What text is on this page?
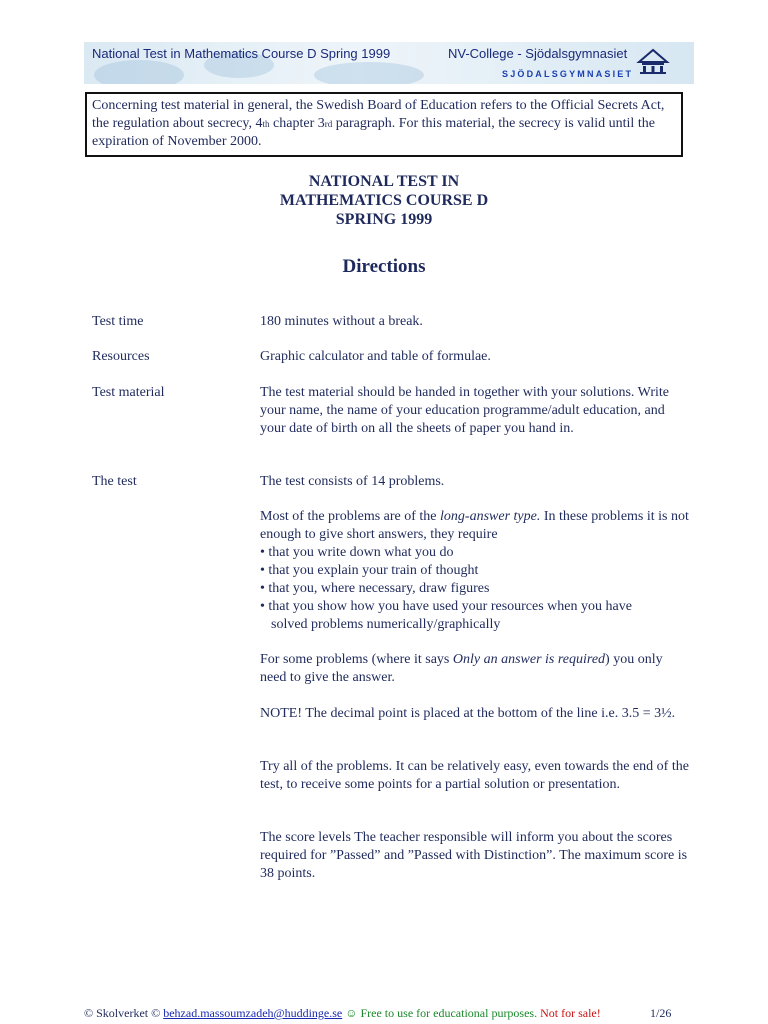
National Test in Mathematics Course D Spring 1999	NV-College - Sjödalsgymnasiet
SJÖDALSGYMNASIET
Concerning test material in general, the Swedish Board of Education refers to the Official Secrets Act, the regulation about secrecy, 4th chapter 3rd paragraph. For this material, the secrecy is valid until the expiration of November 2000.
NATIONAL TEST IN
MATHEMATICS COURSE D
SPRING 1999
Directions
Test time	180 minutes without a break.
Resources	Graphic calculator and table of formulae.
Test material	The test material should be handed in together with your solutions. Write your name, the name of your education programme/adult education, and your date of birth on all the sheets of paper you hand in.
The test	The test consists of 14 problems.
Most of the problems are of the long-answer type. In these problems it is not enough to give short answers, they require
• that you write down what you do
• that you explain your train of thought
• that you, where necessary, draw figures
• that you show how you have used your resources when you have
solved problems numerically/graphically
For some problems (where it says Only an answer is required) you only need to give the answer.
NOTE! The decimal point is placed at the bottom of the line i.e. 3.5 = 3½.
Try all of the problems. It can be relatively easy, even towards the end of the test, to receive some points for a partial solution or presentation.
The score levels The teacher responsible will inform you about the scores required for ”Passed” and ”Passed with Distinction”. The maximum score is 38 points.
© Skolverket © behzad.massoumzadeh@huddinge.se ☺ Free to use for educational purposes. Not for sale!	1/26
